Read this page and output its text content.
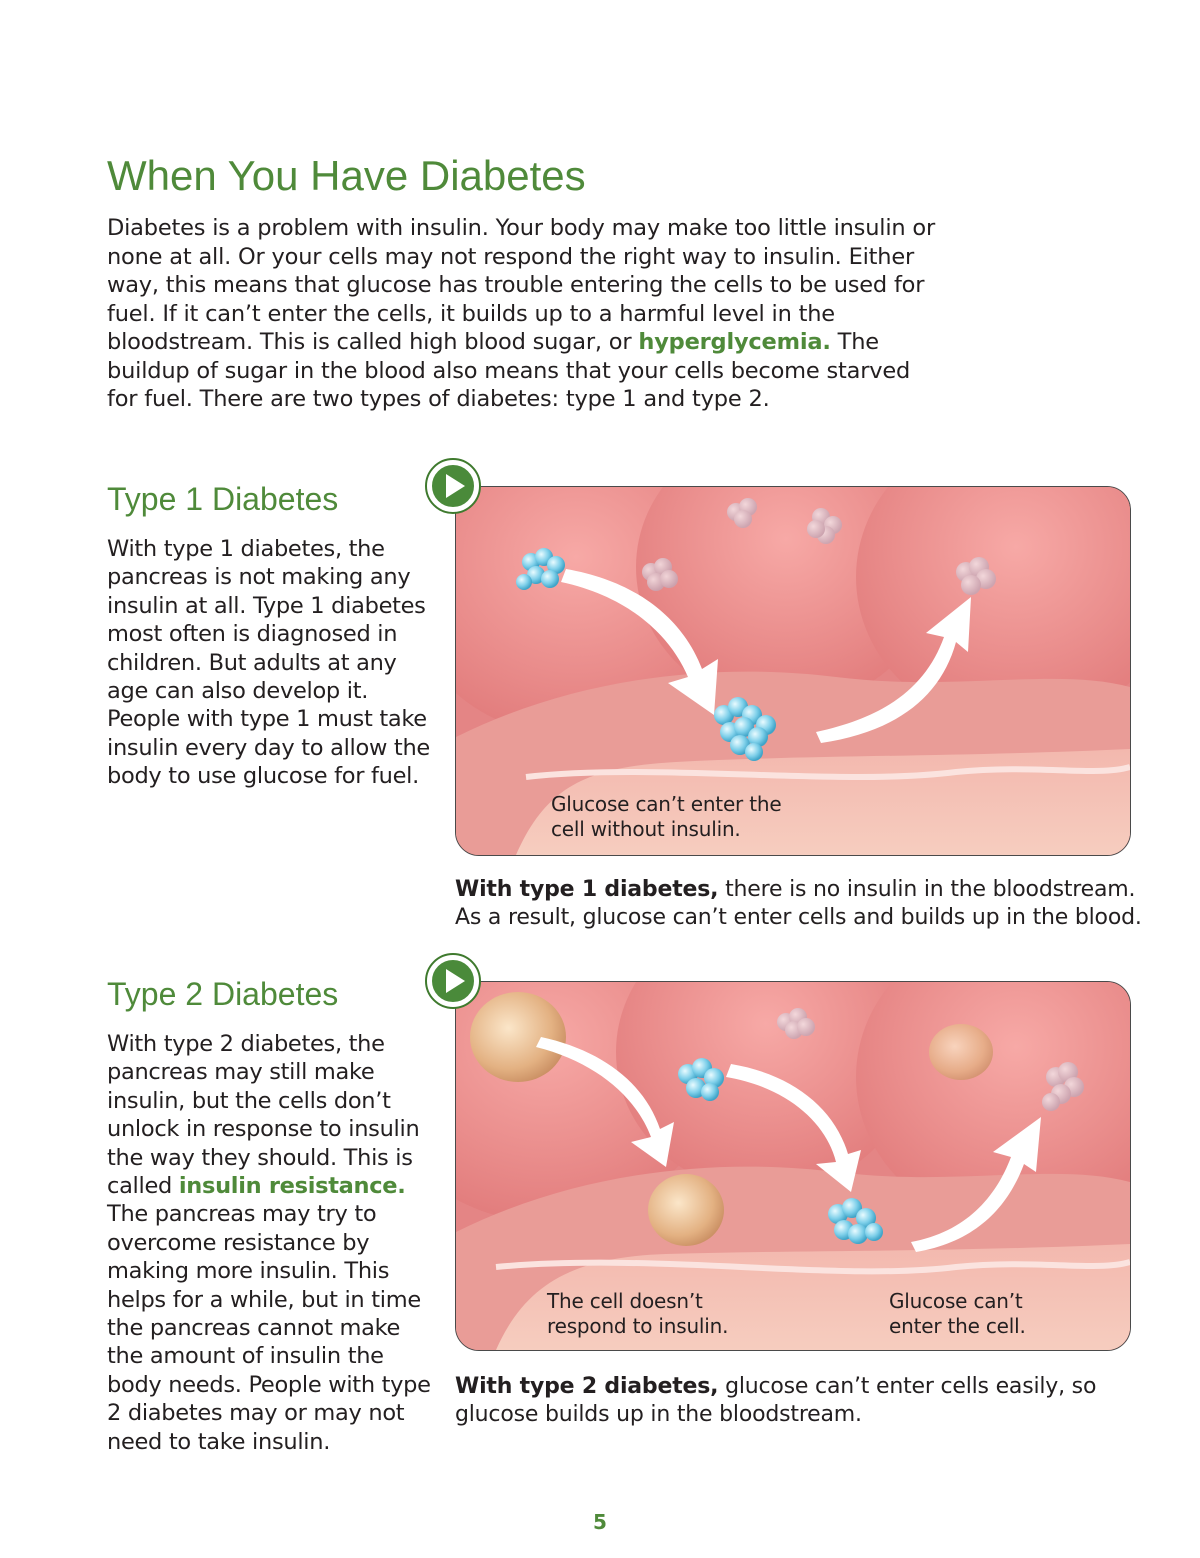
When You Have Diabetes

Diabetes is a problem with insulin. Your body may make too little insulin or none at all. Or your cells may not respond the right way to insulin. Either way, this means that glucose has trouble entering the cells to be used for fuel. If it can’t enter the cells, it builds up to a harmful level in the bloodstream. This is called high blood sugar, or hyperglycemia. The buildup of sugar in the blood also means that your cells become starved for fuel. There are two types of diabetes: type 1 and type 2.

Type 1 Diabetes

With type 1 diabetes, the pancreas is not making any insulin at all. Type 1 diabetes most often is diagnosed in children. But adults at any age can also develop it. People with type 1 must take insulin every day to allow the body to use glucose for fuel.

Glucose can’t enter the cell without insulin.

With type 1 diabetes, there is no insulin in the bloodstream. As a result, glucose can’t enter cells and builds up in the blood.

Type 2 Diabetes

With type 2 diabetes, the pancreas may still make insulin, but the cells don’t unlock in response to insulin the way they should. This is called insulin resistance. The pancreas may try to overcome resistance by making more insulin. This helps for a while, but in time the pancreas cannot make the amount of insulin the body needs. People with type 2 diabetes may or may not need to take insulin.

The cell doesn’t respond to insulin.
Glucose can’t enter the cell.

With type 2 diabetes, glucose can’t enter cells easily, so glucose builds up in the bloodstream.

5
